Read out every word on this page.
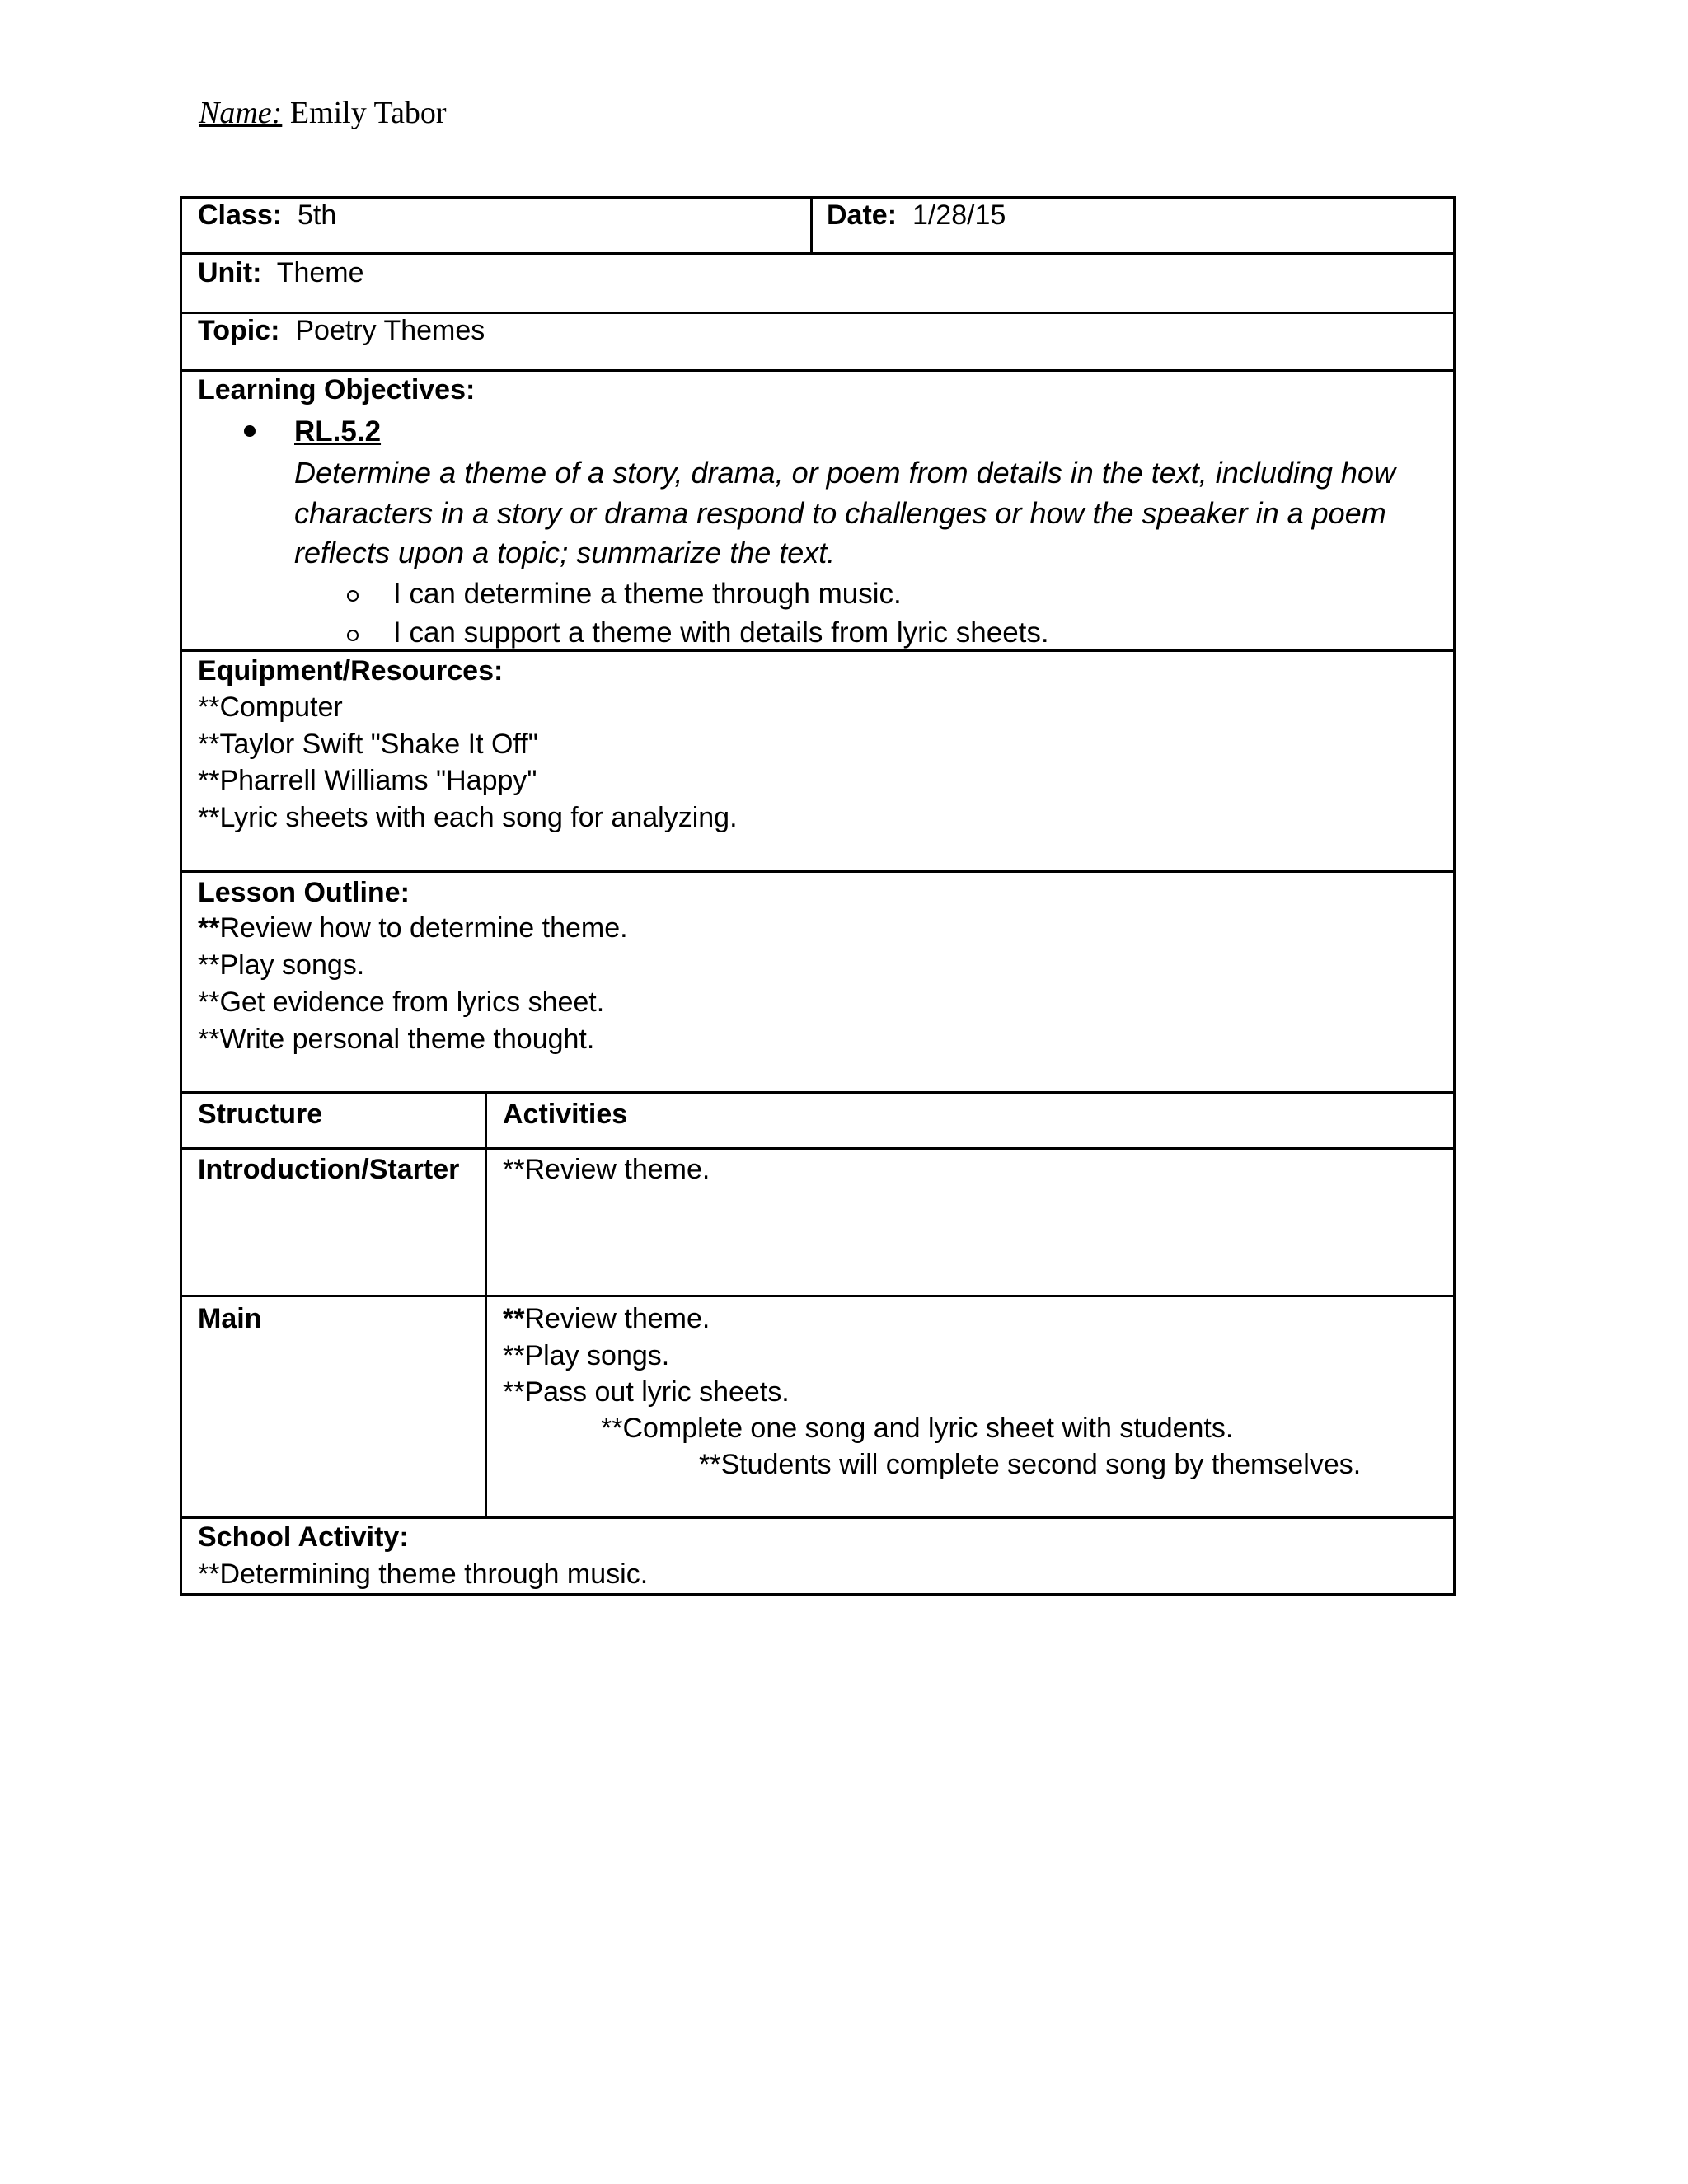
Name: Emily Tabor
Class: 5th	Date: 1/28/15
Unit: Theme
Topic: Poetry Themes
Learning Objectives:
RL.5.2
Determine a theme of a story, drama, or poem from details in the text, including how
characters in a story or drama respond to challenges or how the speaker in a poem
reflects upon a topic; summarize the text.
I can determine a theme through music.
I can support a theme with details from lyric sheets.
Equipment/Resources:
**Computer
**Taylor Swift "Shake It Off"
**Pharrell Williams "Happy"
**Lyric sheets with each song for analyzing.
Lesson Outline:
**Review how to determine theme.
**Play songs.
**Get evidence from lyrics sheet.
**Write personal theme thought.
Structure	Activities
Introduction/Starter **Review theme.
Main	**Review theme.
**Play songs.
**Pass out lyric sheets.
**Complete one song and lyric sheet with students.
**Students will complete second song by themselves.
School Activity:
**Determining theme through music.
